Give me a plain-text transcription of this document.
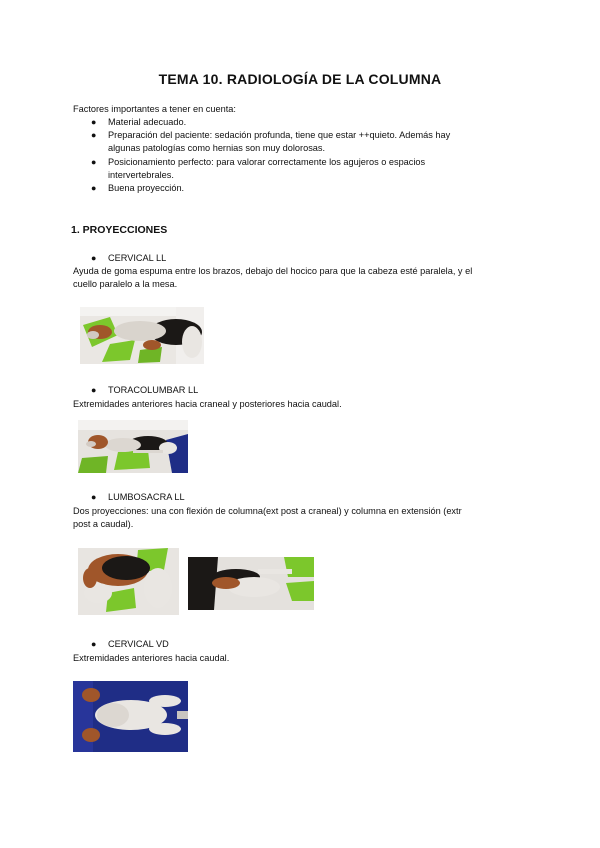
TEMA 10. RADIOLOGÍA DE LA COLUMNA
Factores importantes a tener en cuenta:
● Material adecuado.
● Preparación del paciente: sedación profunda, tiene que estar ++quieto. Además hay
algunas patologías como hernias son muy dolorosas.
● Posicionamiento perfecto: para valorar correctamente los agujeros o espacios
intervertebrales.
● Buena proyección.
1. PROYECCIONES
● CERVICAL LL
Ayuda de goma espuma entre los brazos, debajo del hocico para que la cabeza esté paralela, y el
cuello paralelo a la mesa.
● TORACOLUMBAR LL
Extremidades anteriores hacia craneal y posteriores hacia caudal.
● LUMBOSACRA LL
Dos proyecciones: una con flexión de columna(ext post a craneal) y columna en extensión (extr
post a caudal).
● CERVICAL VD
Extremidades anteriores hacia caudal.
